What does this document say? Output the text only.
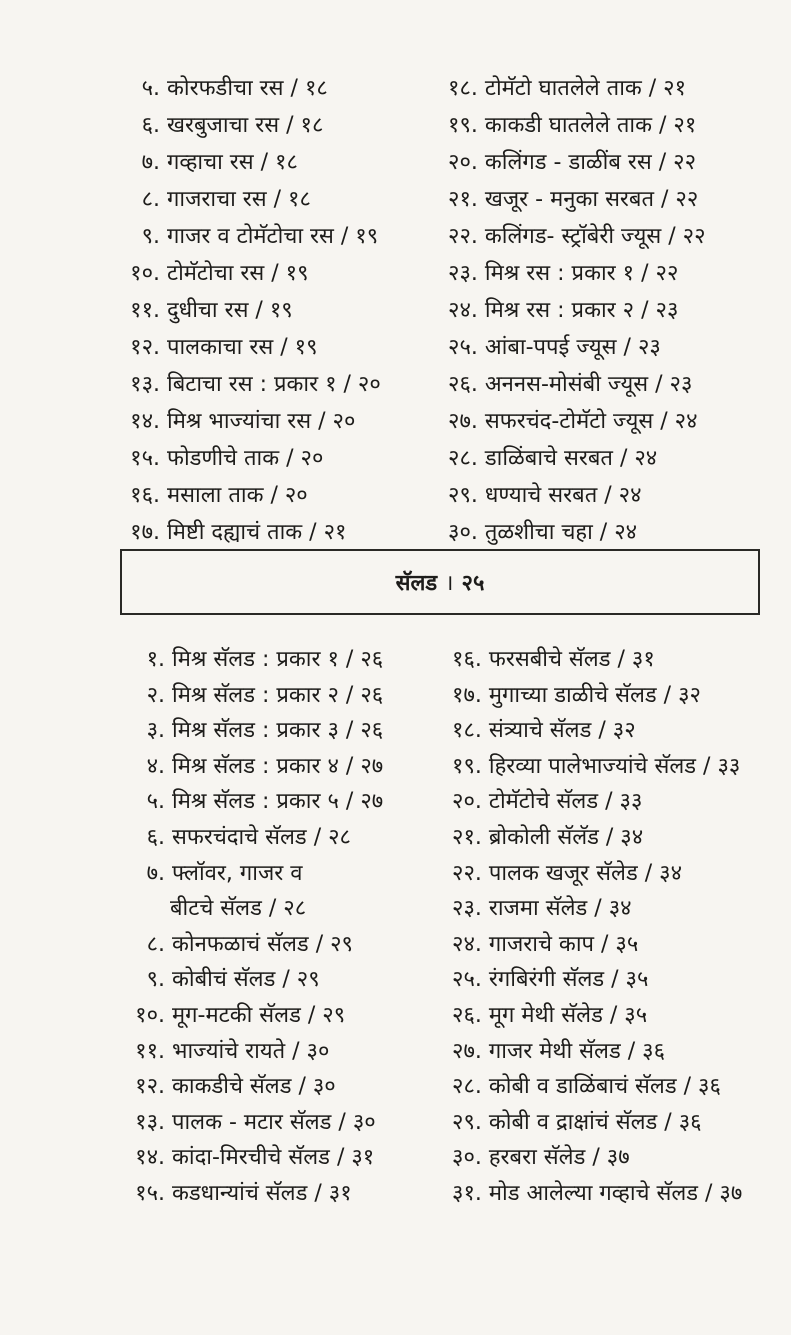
५. कोरफडीचा रस / १८
६. खरबुजाचा रस / १८
७. गव्हाचा रस / १८
८. गाजराचा रस / १८
९. गाजर व टोमॅटोचा रस / १९
१०. टोमॅटोचा रस / १९
११. दुधीचा रस / १९
१२. पालकाचा रस / १९
१३. बिटाचा रस : प्रकार १ / २०
१४. मिश्र भाज्यांचा रस / २०
१५. फोडणीचे ताक / २०
१६. मसाला ताक / २०
१७. मिष्टी दह्याचं ताक / २१
१८. टोमॅटो घातलेले ताक / २१
१९. काकडी घातलेले ताक / २१
२०. कलिंगड - डाळींब रस / २२
२१. खजूर - मनुका सरबत / २२
२२. कलिंगड- स्ट्रॉबेरी ज्यूस / २२
२३. मिश्र रस : प्रकार १ / २२
२४. मिश्र रस : प्रकार २ / २३
२५. आंबा-पपई ज्यूस / २३
२६. अननस-मोसंबी ज्यूस / २३
२७. सफरचंद-टोमॅटो ज्यूस / २४
२८. डाळिंबाचे सरबत / २४
२९. धण्याचे सरबत / २४
३०. तुळशीचा चहा / २४
सॅलड । २५
१. मिश्र सॅलड : प्रकार १ / २६
२. मिश्र सॅलड : प्रकार २ / २६
३. मिश्र सॅलड : प्रकार ३ / २६
४. मिश्र सॅलड : प्रकार ४ / २७
५. मिश्र सॅलड : प्रकार ५ / २७
६. सफरचंदाचे सॅलड / २८
७. फ्लॉवर, गाजर व
बीटचे सॅलड / २८
८. कोनफळाचं सॅलड / २९
९. कोबीचं सॅलड / २९
१०. मूग-मटकी सॅलड / २९
११. भाज्यांचे रायते / ३०
१२. काकडीचे सॅलड / ३०
१३. पालक - मटार सॅलड / ३०
१४. कांदा-मिरचीचे सॅलड / ३१
१५. कडधान्यांचं सॅलड / ३१
१६. फरसबीचे सॅलड / ३१
१७. मुगाच्या डाळीचे सॅलड / ३२
१८. संत्र्याचे सॅलड / ३२
१९. हिरव्या पालेभाज्यांचे सॅलड / ३३
२०. टोमॅटोचे सॅलड / ३३
२१. ब्रोकोली सॅलॅड / ३४
२२. पालक खजूर सॅलेड / ३४
२३. राजमा सॅलेड / ३४
२४. गाजराचे काप / ३५
२५. रंगबिरंगी सॅलड / ३५
२६. मूग मेथी सॅलेड / ३५
२७. गाजर मेथी सॅलड / ३६
२८. कोबी व डाळिंबाचं सॅलड / ३६
२९. कोबी व द्राक्षांचं सॅलड / ३६
३०. हरबरा सॅलेड / ३७
३१. मोड आलेल्या गव्हाचे सॅलड / ३७
